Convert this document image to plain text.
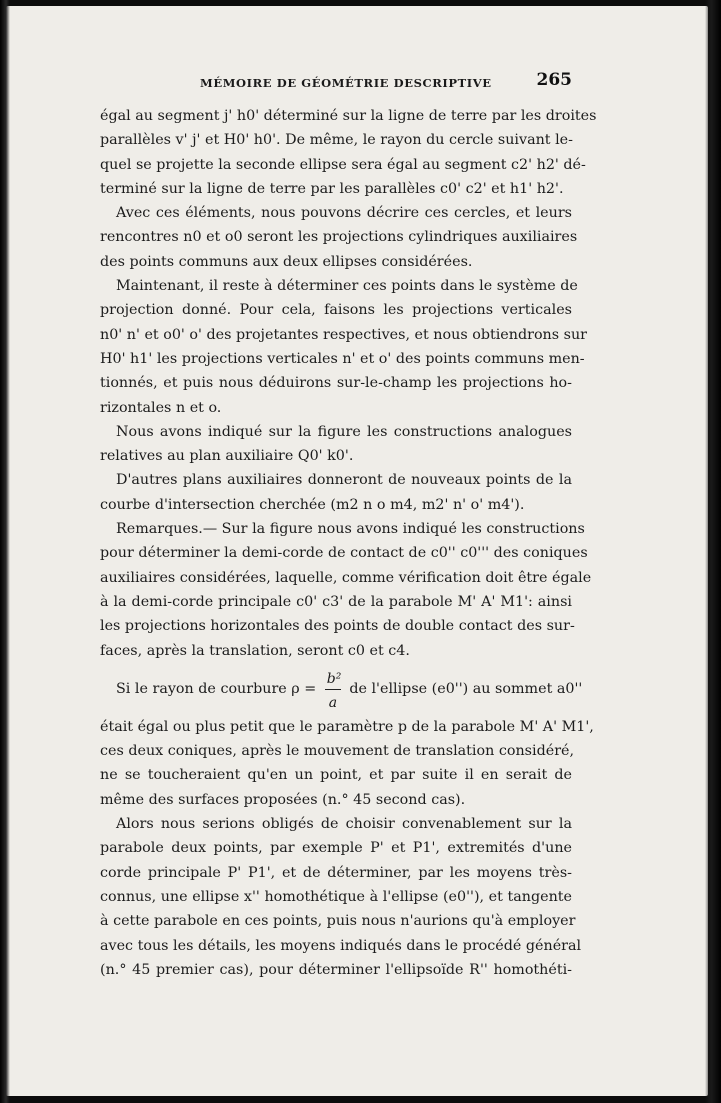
MÉMOIRE DE GÉOMÉTRIE DESCRIPTIVE	265
égal au segment j' h0' déterminé sur la ligne de terre par les droites
parallèles v' j' et H0' h0'. De même, le rayon du cercle suivant le-
quel se projette la seconde ellipse sera égal au segment c2' h2' dé-
terminé sur la ligne de terre par les parallèles c0' c2' et h1' h2'.
Avec ces éléments, nous pouvons décrire ces cercles, et leurs
rencontres n0 et o0 seront les projections cylindriques auxiliaires
des points communs aux deux ellipses considérées.
Maintenant, il reste à déterminer ces points dans le système de
projection donné. Pour cela, faisons les projections verticales
n0' n' et o0' o' des projetantes respectives, et nous obtiendrons sur
H0' h1' les projections verticales n' et o' des points communs men-
tionnés, et puis nous déduirons sur-le-champ les projections ho-
rizontales n et o.
Nous avons indiqué sur la figure les constructions analogues
relatives au plan auxiliaire Q0' k0'.
D'autres plans auxiliaires donneront de nouveaux points de la
courbe d'intersection cherchée (m2 n o m4, m2' n' o' m4').
Remarques.— Sur la figure nous avons indiqué les constructions
pour déterminer la demi-corde de contact de c0'' c0''' des coniques
auxiliaires considérées, laquelle, comme vérification doit être égale
à la demi-corde principale c0' c3' de la parabole M' A' M1': ainsi
les projections horizontales des points de double contact des sur-
faces, après la translation, seront c0 et c4.
Si le rayon de courbure ρ =
b²
a
de l'ellipse (e0'') au sommet a0''
était égal ou plus petit que le paramètre p de la parabole M' A' M1',
ces deux coniques, après le mouvement de translation considéré,
ne se toucheraient qu'en un point, et par suite il en serait de
même des surfaces proposées (n.° 45 second cas).
Alors nous serions obligés de choisir convenablement sur la
parabole deux points, par exemple P' et P1', extremités d'une
corde principale P' P1', et de déterminer, par les moyens très-
connus, une ellipse x'' homothétique à l'ellipse (e0''), et tangente
à cette parabole en ces points, puis nous n'aurions qu'à employer
avec tous les détails, les moyens indiqués dans le procédé général
(n.° 45 premier cas), pour déterminer l'ellipsoïde R'' homothéti-
